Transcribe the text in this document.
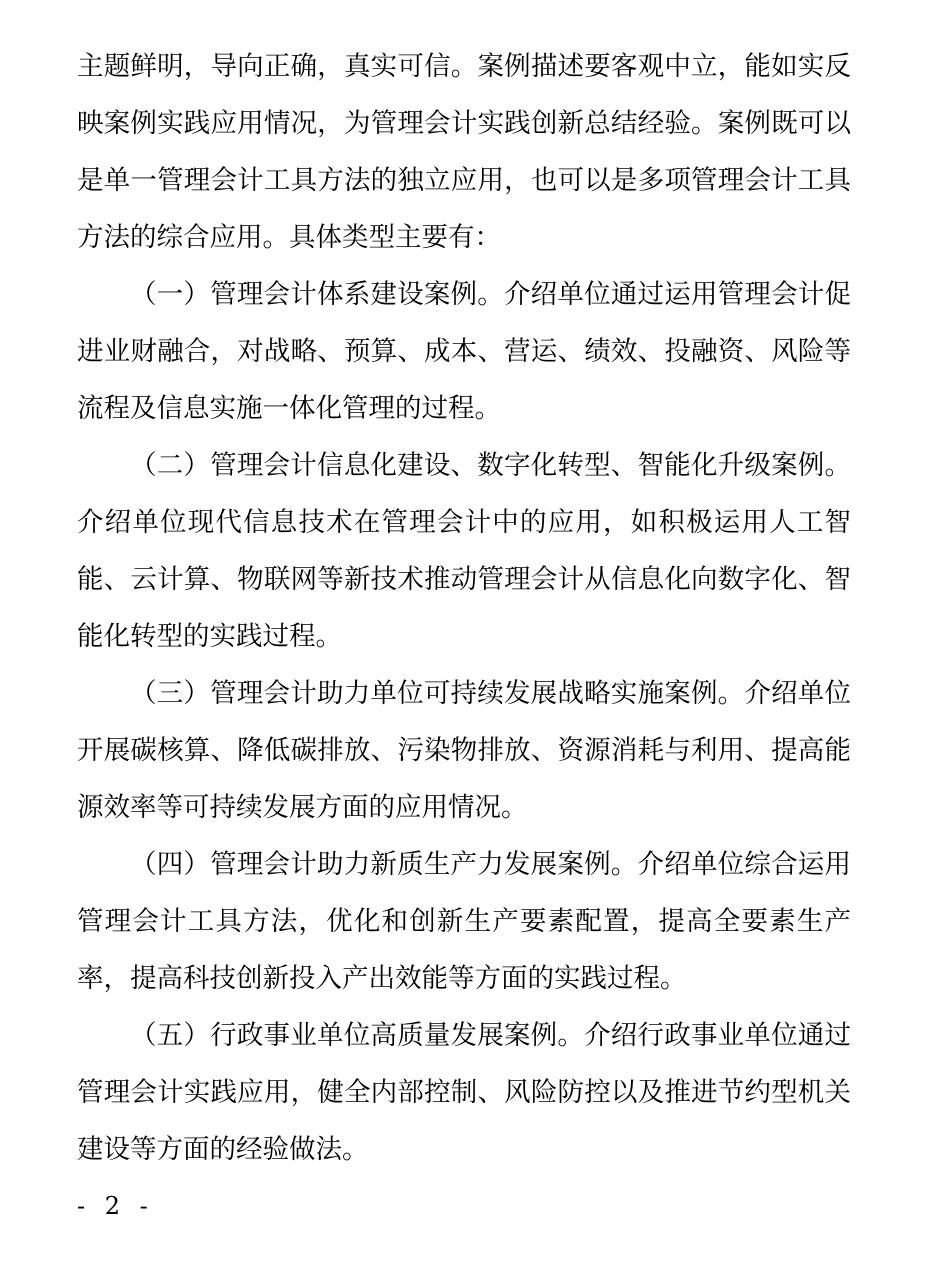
主题鲜明，导向正确，真实可信。案例描述要客观中立，能如实反映案例实践应用情况，为管理会计实践创新总结经验。案例既可以是单一管理会计工具方法的独立应用，也可以是多项管理会计工具方法的综合应用。具体类型主要有：

（一）管理会计体系建设案例。介绍单位通过运用管理会计促进业财融合，对战略、预算、成本、营运、绩效、投融资、风险等流程及信息实施一体化管理的过程。

（二）管理会计信息化建设、数字化转型、智能化升级案例。介绍单位现代信息技术在管理会计中的应用，如积极运用人工智能、云计算、物联网等新技术推动管理会计从信息化向数字化、智能化转型的实践过程。

（三）管理会计助力单位可持续发展战略实施案例。介绍单位开展碳核算、降低碳排放、污染物排放、资源消耗与利用、提高能源效率等可持续发展方面的应用情况。

（四）管理会计助力新质生产力发展案例。介绍单位综合运用管理会计工具方法，优化和创新生产要素配置，提高全要素生产率，提高科技创新投入产出效能等方面的实践过程。

（五）行政事业单位高质量发展案例。介绍行政事业单位通过管理会计实践应用，健全内部控制、风险防控以及推进节约型机关建设等方面的经验做法。

- 2 -
